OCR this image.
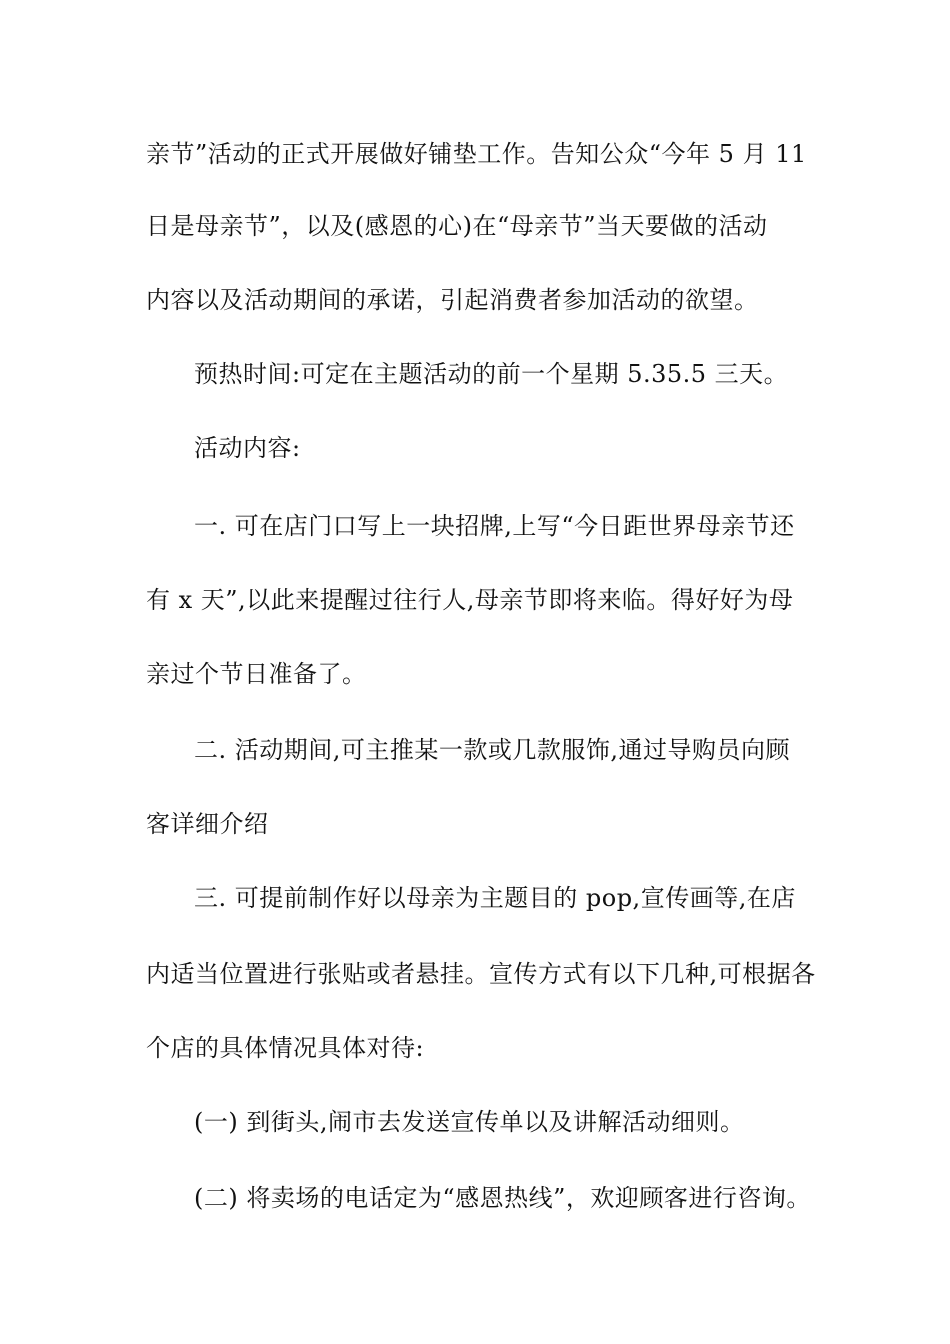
亲节”活动的正式开展做好铺垫工作。告知公众“今年 5 月 11

日是母亲节”，以及(感恩的心)在“母亲节”当天要做的活动

内容以及活动期间的承诺，引起消费者参加活动的欲望。

预热时间:可定在主题活动的前一个星期 5.35.5 三天。

活动内容:

一. 可在店门口写上一块招牌,上写“今日距世界母亲节还

有 x 天”,以此来提醒过往行人,母亲节即将来临。得好好为母

亲过个节日准备了。

二. 活动期间,可主推某一款或几款服饰,通过导购员向顾

客详细介绍

三. 可提前制作好以母亲为主题目的 pop,宣传画等,在店

内适当位置进行张贴或者悬挂。宣传方式有以下几种,可根据各

个店的具体情况具体对待:

(一) 到街头,闹市去发送宣传单以及讲解活动细则。

(二) 将卖场的电话定为“感恩热线”，欢迎顾客进行咨询。
